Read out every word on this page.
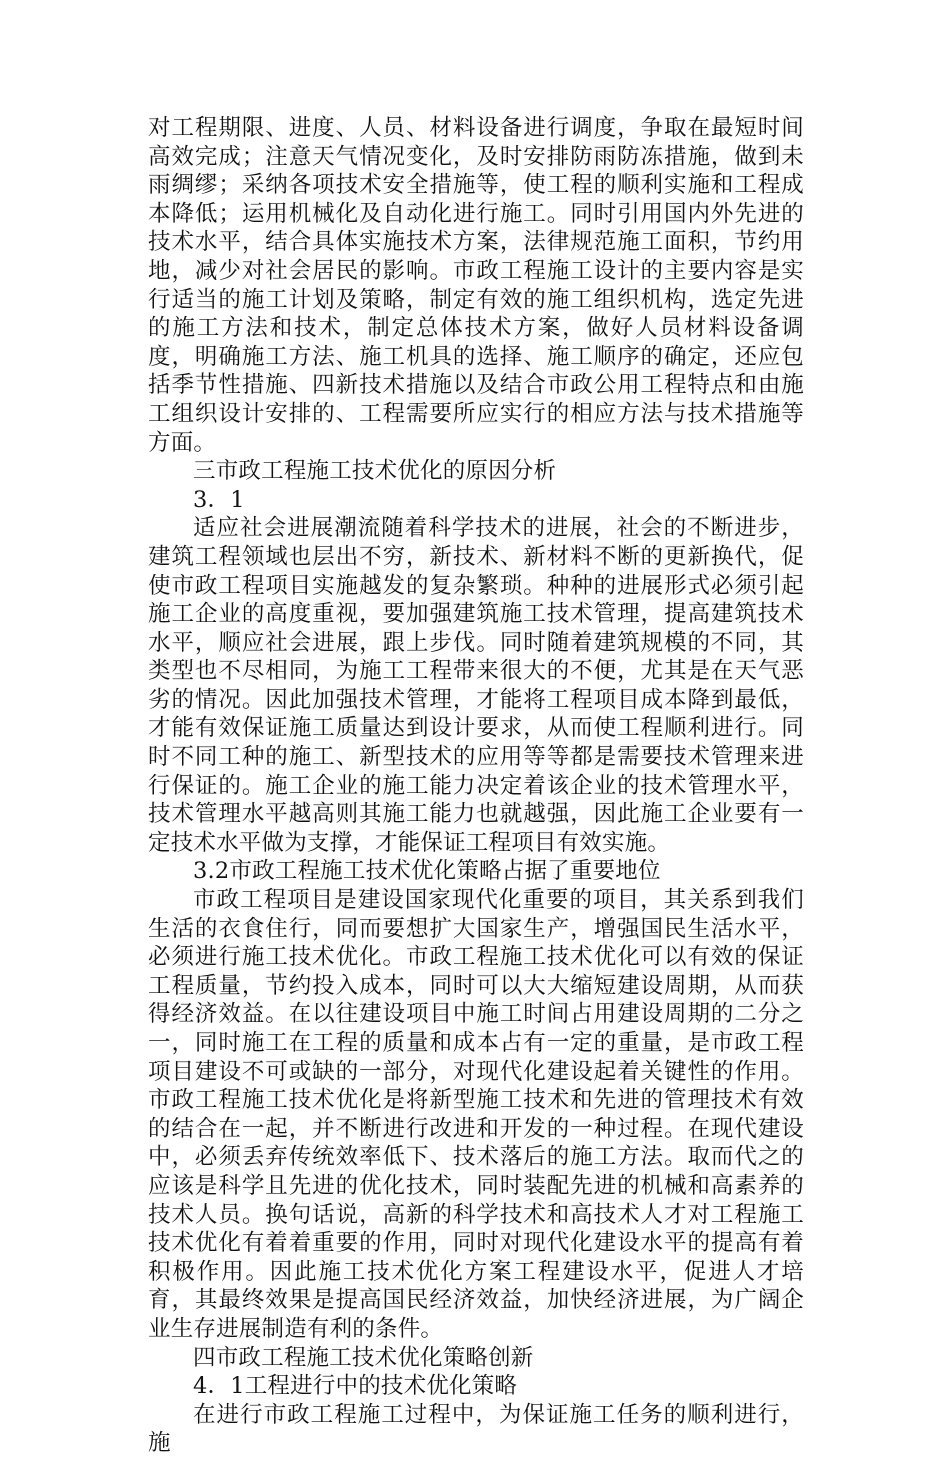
对工程期限、进度、人员、材料设备进行调度，争取在最短时间高效完成；注意天气情况变化，及时安排防雨防冻措施，做到未雨绸缪；采纳各项技术安全措施等，使工程的顺利实施和工程成本降低；运用机械化及自动化进行施工。同时引用国内外先进的技术水平，结合具体实施技术方案，法律规范施工面积，节约用地，减少对社会居民的影响。市政工程施工设计的主要内容是实行适当的施工计划及策略，制定有效的施工组织机构，选定先进的施工方法和技术，制定总体技术方案，做好人员材料设备调度，明确施工方法、施工机具的选择、施工顺序的确定，还应包括季节性措施、四新技术措施以及结合市政公用工程特点和由施工组织设计安排的、工程需要所应实行的相应方法与技术措施等方面。

三市政工程施工技术优化的原因分析

3．1

适应社会进展潮流随着科学技术的进展，社会的不断进步，建筑工程领域也层出不穷，新技术、新材料不断的更新换代，促使市政工程项目实施越发的复杂繁琐。种种的进展形式必须引起施工企业的高度重视，要加强建筑施工技术管理，提高建筑技术水平，顺应社会进展，跟上步伐。同时随着建筑规模的不同，其类型也不尽相同，为施工工程带来很大的不便，尤其是在天气恶劣的情况。因此加强技术管理，才能将工程项目成本降到最低，才能有效保证施工质量达到设计要求，从而使工程顺利进行。同时不同工种的施工、新型技术的应用等等都是需要技术管理来进行保证的。施工企业的施工能力决定着该企业的技术管理水平，技术管理水平越高则其施工能力也就越强，因此施工企业要有一定技术水平做为支撑，才能保证工程项目有效实施。

3.2市政工程施工技术优化策略占据了重要地位

市政工程项目是建设国家现代化重要的项目，其关系到我们生活的衣食住行，同而要想扩大国家生产，增强国民生活水平，必须进行施工技术优化。市政工程施工技术优化可以有效的保证工程质量，节约投入成本，同时可以大大缩短建设周期，从而获得经济效益。在以往建设项目中施工时间占用建设周期的二分之一，同时施工在工程的质量和成本占有一定的重量，是市政工程项目建设不可或缺的一部分，对现代化建设起着关键性的作用。市政工程施工技术优化是将新型施工技术和先进的管理技术有效的结合在一起，并不断进行改进和开发的一种过程。在现代建设中，必须丢弃传统效率低下、技术落后的施工方法。取而代之的应该是科学且先进的优化技术，同时装配先进的机械和高素养的技术人员。换句话说，高新的科学技术和高技术人才对工程施工技术优化有着着重要的作用，同时对现代化建设水平的提高有着积极作用。因此施工技术优化方案工程建设水平，促进人才培育，其最终效果是提高国民经济效益，加快经济进展，为广阔企业生存进展制造有利的条件。

四市政工程施工技术优化策略创新

4．1工程进行中的技术优化策略

在进行市政工程施工过程中，为保证施工任务的顺利进行，施
